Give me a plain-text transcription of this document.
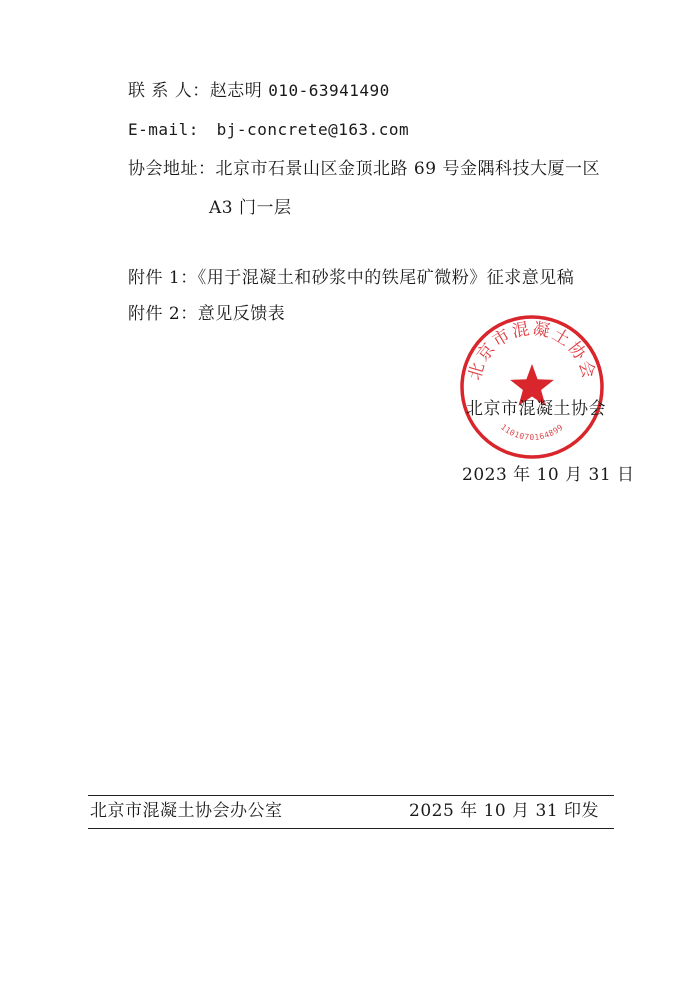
联 系 人：赵志明 010-63941490
E-mail: bj-concrete@163.com
协会地址：北京市石景山区金顶北路 69 号金隅科技大厦一区
A3 门一层
附件 1：《用于混凝土和砂浆中的铁尾矿微粉》征求意见稿
附件 2：意见反馈表
北京市混凝土协会
1101070164899
北京市混凝土协会
2023 年 10 月 31 日
北京市混凝土协会办公室	2025 年 10 月 31 印发
